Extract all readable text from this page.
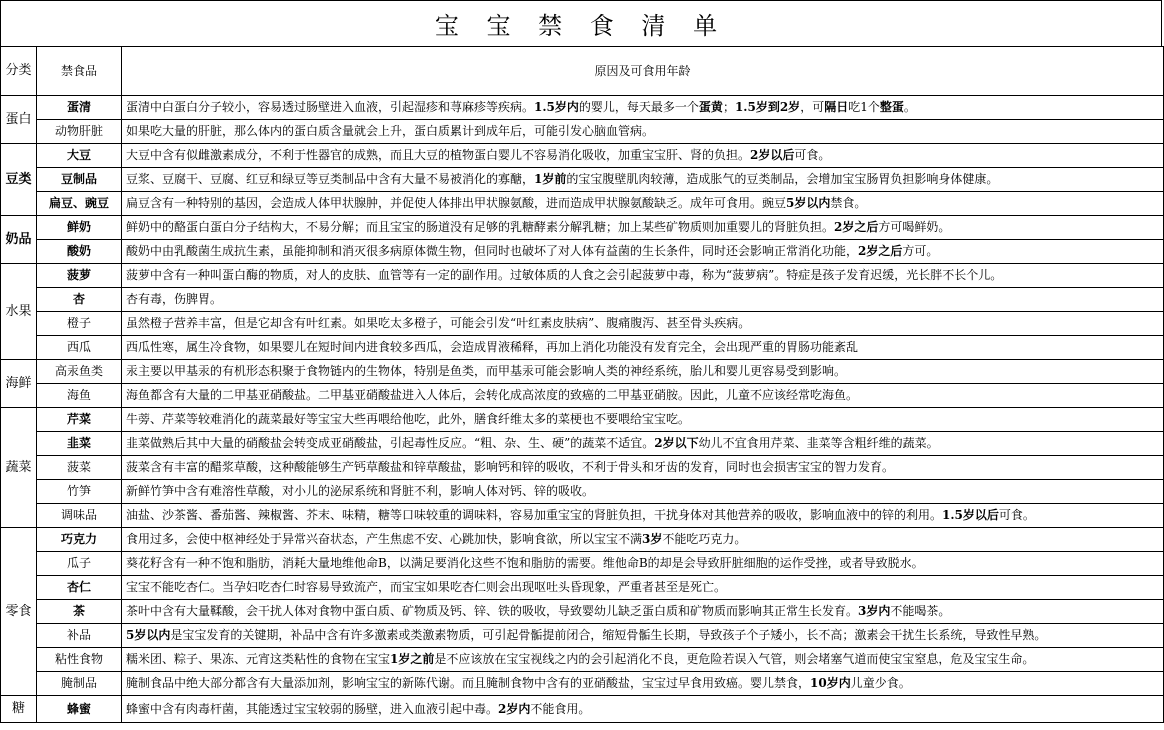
宝 宝 禁 食 清 单
分类	禁食品	原因及可食用年龄
蛋白	蛋清	蛋清中白蛋白分子较小，容易透过肠壁进入血液，引起湿疹和荨麻疹等疾病。1.5岁内的婴儿，每天最多一个蛋黄；1.5岁到2岁，可隔日吃1个整蛋。
	动物肝脏	如果吃大量的肝脏，那么体内的蛋白质含量就会上升，蛋白质累计到成年后，可能引发心脑血管病。
豆类	大豆	大豆中含有似雌激素成分，不利于性器官的成熟，而且大豆的植物蛋白婴儿不容易消化吸收，加重宝宝肝、肾的负担。2岁以后可食。
	豆制品	豆浆、豆腐干、豆腐、红豆和绿豆等豆类制品中含有大量不易被消化的寡醣，1岁前的宝宝腹壁肌肉较薄，造成胀气的豆类制品，会增加宝宝肠胃负担影响身体健康。
	扁豆、豌豆	扁豆含有一种特别的基因，会造成人体甲状腺肿，并促使人体排出甲状腺氨酸，进而造成甲状腺氨酸缺乏。成年可食用。豌豆5岁以内禁食。
奶品	鲜奶	鲜奶中的酪蛋白蛋白分子结构大，不易分解；而且宝宝的肠道没有足够的乳糖酵素分解乳糖；加上某些矿物质则加重婴儿的肾脏负担。2岁之后方可喝鲜奶。
	酸奶	酸奶中由乳酸菌生成抗生素，虽能抑制和消灭很多病原体微生物，但同时也破坏了对人体有益菌的生长条件，同时还会影响正常消化功能，2岁之后方可。
水果	菠萝	菠萝中含有一种叫蛋白酶的物质，对人的皮肤、血管等有一定的副作用。过敏体质的人食之会引起菠萝中毒，称为“菠萝病”。特症是孩子发育迟缓，光长胖不长个儿。
	杏	杏有毒，伤脾胃。
	橙子	虽然橙子营养丰富，但是它却含有叶红素。如果吃太多橙子，可能会引发“叶红素皮肤病”、腹痛腹泻、甚至骨头疾病。
	西瓜	西瓜性寒，属生冷食物，如果婴儿在短时间内进食较多西瓜，会造成胃液稀释，再加上消化功能没有发育完全，会出现严重的胃肠功能紊乱
海鲜	高汞鱼类	汞主要以甲基汞的有机形态积聚于食物链内的生物体，特别是鱼类，而甲基汞可能会影响人类的神经系统，胎儿和婴儿更容易受到影响。
	海鱼	海鱼都含有大量的二甲基亚硝酸盐。二甲基亚硝酸盐进入人体后，会转化成高浓度的致癌的二甲基亚硝胺。因此，儿童不应该经常吃海鱼。
蔬菜	芹菜	牛蒡、芹菜等较难消化的蔬菜最好等宝宝大些再喂给他吃，此外，膳食纤维太多的菜梗也不要喂给宝宝吃。
	韭菜	韭菜做熟后其中大量的硝酸盐会转变成亚硝酸盐，引起毒性反应。“粗、杂、生、硬”的蔬菜不适宜。2岁以下幼儿不宜食用芹菜、韭菜等含粗纤维的蔬菜。
	菠菜	菠菜含有丰富的醋浆草酸，这种酸能够生产钙草酸盐和锌草酸盐，影响钙和锌的吸收，不利于骨头和牙齿的发育，同时也会损害宝宝的智力发育。
	竹笋	新鲜竹笋中含有难溶性草酸，对小儿的泌尿系统和肾脏不利，影响人体对钙、锌的吸收。
	调味品	油盐、沙茶酱、番茄酱、辣椒酱、芥末、味精，糖等口味较重的调味料，容易加重宝宝的肾脏负担，干扰身体对其他营养的吸收，影响血液中的锌的利用。1.5岁以后可食。
零食	巧克力	食用过多，会使中枢神经处于异常兴奋状态，产生焦虑不安、心跳加快，影响食欲，所以宝宝不满3岁不能吃巧克力。
	瓜子	葵花籽含有一种不饱和脂肪，消耗大量地维他命B，以满足要消化这些不饱和脂肪的需要。维他命B的却是会导致肝脏细胞的运作受挫，或者导致脱水。
	杏仁	宝宝不能吃杏仁。当孕妇吃杏仁时容易导致流产，而宝宝如果吃杏仁则会出现呕吐头昏现象，严重者甚至是死亡。
	茶	茶叶中含有大量鞣酸，会干扰人体对食物中蛋白质、矿物质及钙、锌、铁的吸收，导致婴幼儿缺乏蛋白质和矿物质而影响其正常生长发育。3岁内不能喝茶。
	补品	5岁以内是宝宝发育的关键期，补品中含有许多激素或类激素物质，可引起骨骺提前闭合，缩短骨骺生长期，导致孩子个子矮小，长不高；激素会干扰生长系统，导致性早熟。
	粘性食物	糯米团、粽子、果冻、元宵这类粘性的食物在宝宝1岁之前是不应该放在宝宝视线之内的会引起消化不良，更危险若误入气管，则会堵塞气道而使宝宝窒息，危及宝宝生命。
	腌制品	腌制食品中绝大部分都含有大量添加剂，影响宝宝的新陈代谢。而且腌制食物中含有的亚硝酸盐，宝宝过早食用致癌。婴儿禁食，10岁内儿童少食。
糖	蜂蜜	蜂蜜中含有肉毒杆菌，其能透过宝宝较弱的肠壁，进入血液引起中毒。2岁内不能食用。
